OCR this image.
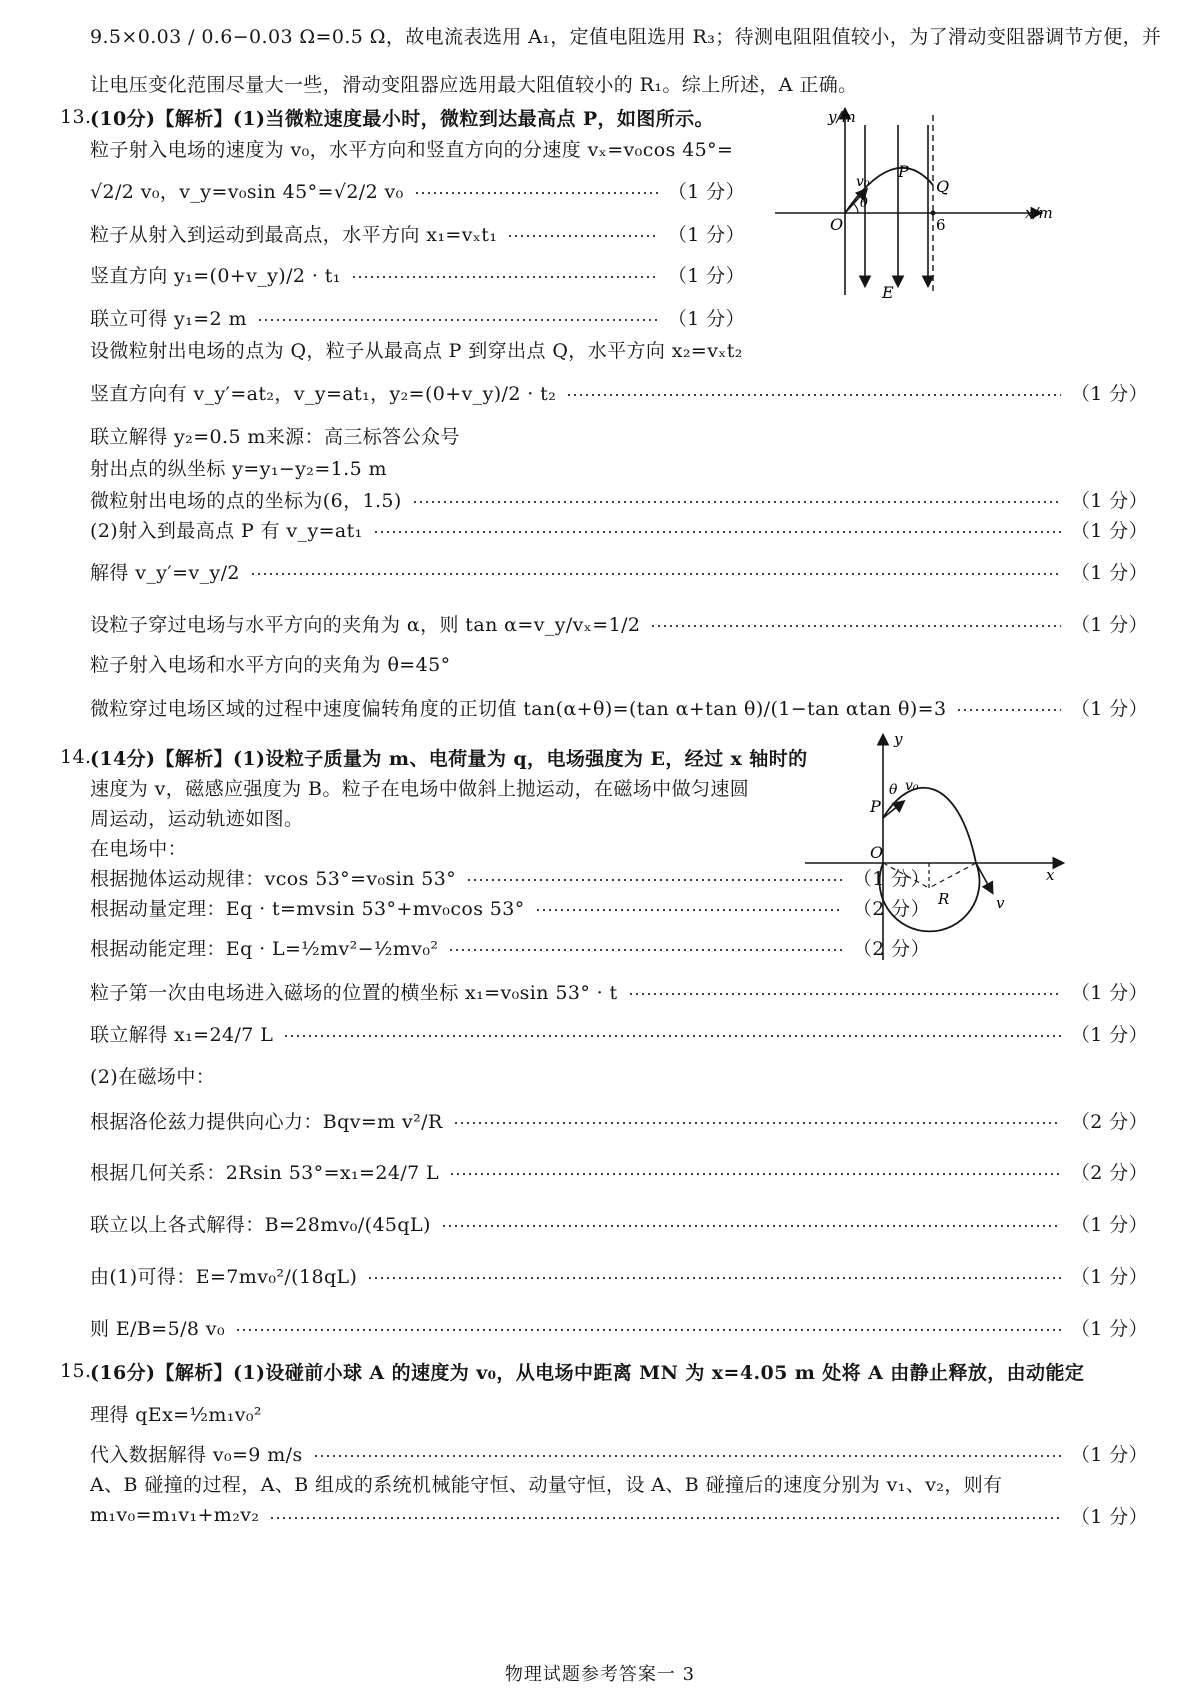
9.5×0.03 / 0.6−0.03 Ω=0.5 Ω，故电流表选用 A₁，定值电阻选用 R₃；待测电阻阻值较小，为了滑动变阻器调节方便，并
让电压变化范围尽量大一些，滑动变阻器应选用最大阻值较小的 R₁。综上所述，A 正确。
13.
(10分)【解析】(1)当微粒速度最小时，微粒到达最高点 P，如图所示。
粒子射入电场的速度为 v₀，水平方向和竖直方向的分速度 vₓ=v₀cos 45°=
√2/2 v₀，v_y=v₀sin 45°=√2/2 v₀	（1 分）
粒子从射入到运动到最高点，水平方向 x₁=vₓt₁	（1 分）
竖直方向 y₁=(0+v_y)/2 · t₁	（1 分）
联立可得 y₁=2 m	（1 分）
设微粒射出电场的点为 Q，粒子从最高点 P 到穿出点 Q，水平方向 x₂=vₓt₂
竖直方向有 v_y′=at₂，v_y=at₁，y₂=(0+v_y)/2 · t₂	（1 分）
联立解得 y₂=0.5 m来源：高三标答公众号
射出点的纵坐标 y=y₁−y₂=1.5 m
微粒射出电场的点的坐标为(6，1.5)	（1 分）
(2)射入到最高点 P 有 v_y=at₁	（1 分）
解得 v_y′=v_y/2	（1 分）
设粒子穿过电场与水平方向的夹角为 α，则 tan α=v_y/vₓ=1/2	（1 分）
粒子射入电场和水平方向的夹角为 θ=45°
微粒穿过电场区域的过程中速度偏转角度的正切值 tan(α+θ)=(tan α+tan θ)/(1−tan αtan θ)=3	（1 分）
14.
(14分)【解析】(1)设粒子质量为 m、电荷量为 q，电场强度为 E，经过 x 轴时的
速度为 v，磁感应强度为 B。粒子在电场中做斜上抛运动，在磁场中做匀速圆
周运动，运动轨迹如图。
在电场中：
根据抛体运动规律：vcos 53°=v₀sin 53°	（1 分）
根据动量定理：Eq · t=mvsin 53°+mv₀cos 53°	（2 分）
根据动能定理：Eq · L=½mv²−½mv₀²	（2 分）
粒子第一次由电场进入磁场的位置的横坐标 x₁=v₀sin 53° · t	（1 分）
联立解得 x₁=24/7 L	（1 分）
(2)在磁场中：
根据洛伦兹力提供向心力：Bqv=m v²/R	（2 分）
根据几何关系：2Rsin 53°=x₁=24/7 L	（2 分）
联立以上各式解得：B=28mv₀/(45qL)	（1 分）
由(1)可得：E=7mv₀²/(18qL)	（1 分）
则 E/B=5/8 v₀	（1 分）
15.
(16分)【解析】(1)设碰前小球 A 的速度为 v₀，从电场中距离 MN 为 x=4.05 m 处将 A 由静止释放，由动能定
理得 qEx=½m₁v₀²
代入数据解得 v₀=9 m/s	（1 分）
A、B 碰撞的过程，A、B 组成的系统机械能守恒、动量守恒，设 A、B 碰撞后的速度分别为 v₁、v₂，则有
m₁v₀=m₁v₁+m₂v₂	（1 分）
O
y/m
x/m
P
Q
6
E
v₀
θ
y
x
O
P
θ v₀
R	v
物理试题参考答案一 3
